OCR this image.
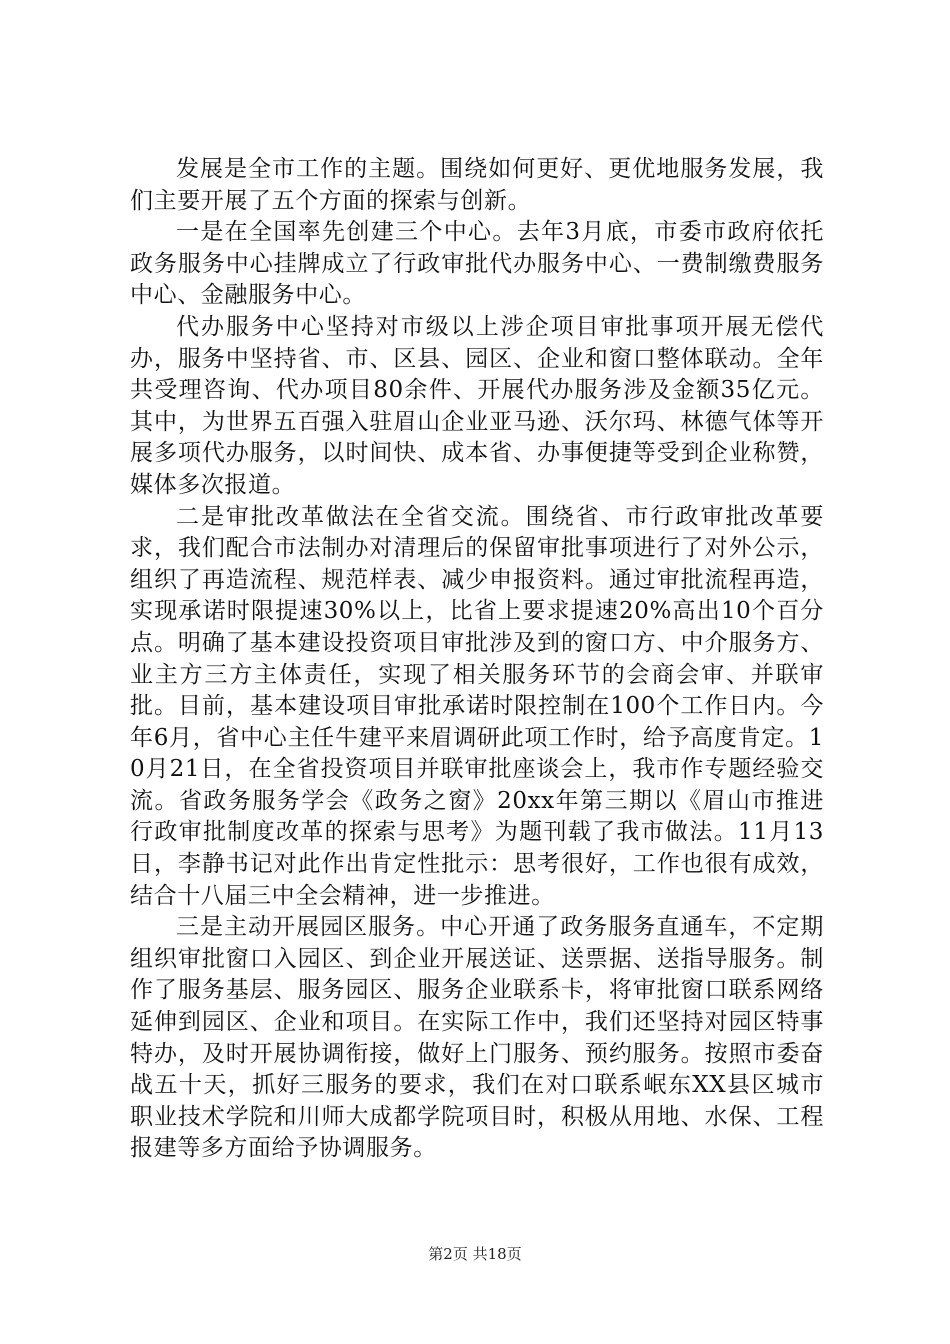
发展是全市工作的主题。围绕如何更好、更优地服务发展，我们主要开展了五个方面的探索与创新。

一是在全国率先创建三个中心。去年3月底，市委市政府依托政务服务中心挂牌成立了行政审批代办服务中心、一费制缴费服务中心、金融服务中心。

代办服务中心坚持对市级以上涉企项目审批事项开展无偿代办，服务中坚持省、市、区县、园区、企业和窗口整体联动。全年共受理咨询、代办项目80余件、开展代办服务涉及金额35亿元。其中，为世界五百强入驻眉山企业亚马逊、沃尔玛、林德气体等开展多项代办服务，以时间快、成本省、办事便捷等受到企业称赞，媒体多次报道。

二是审批改革做法在全省交流。围绕省、市行政审批改革要求，我们配合市法制办对清理后的保留审批事项进行了对外公示，组织了再造流程、规范样表、减少申报资料。通过审批流程再造，实现承诺时限提速30%以上，比省上要求提速20%高出10个百分点。明确了基本建设投资项目审批涉及到的窗口方、中介服务方、业主方三方主体责任，实现了相关服务环节的会商会审、并联审批。目前，基本建设项目审批承诺时限控制在100个工作日内。今年6月，省中心主任牛建平来眉调研此项工作时，给予高度肯定。10月21日，在全省投资项目并联审批座谈会上，我市作专题经验交流。省政务服务学会《政务之窗》20xx年第三期以《眉山市推进行政审批制度改革的探索与思考》为题刊载了我市做法。11月13日，李静书记对此作出肯定性批示：思考很好，工作也很有成效，结合十八届三中全会精神，进一步推进。

三是主动开展园区服务。中心开通了政务服务直通车，不定期组织审批窗口入园区、到企业开展送证、送票据、送指导服务。制作了服务基层、服务园区、服务企业联系卡，将审批窗口联系网络延伸到园区、企业和项目。在实际工作中，我们还坚持对园区特事特办，及时开展协调衔接，做好上门服务、预约服务。按照市委奋战五十天，抓好三服务的要求，我们在对口联系岷东XX县区城市职业技术学院和川师大成都学院项目时，积极从用地、水保、工程报建等多方面给予协调服务。

第2页 共18页
